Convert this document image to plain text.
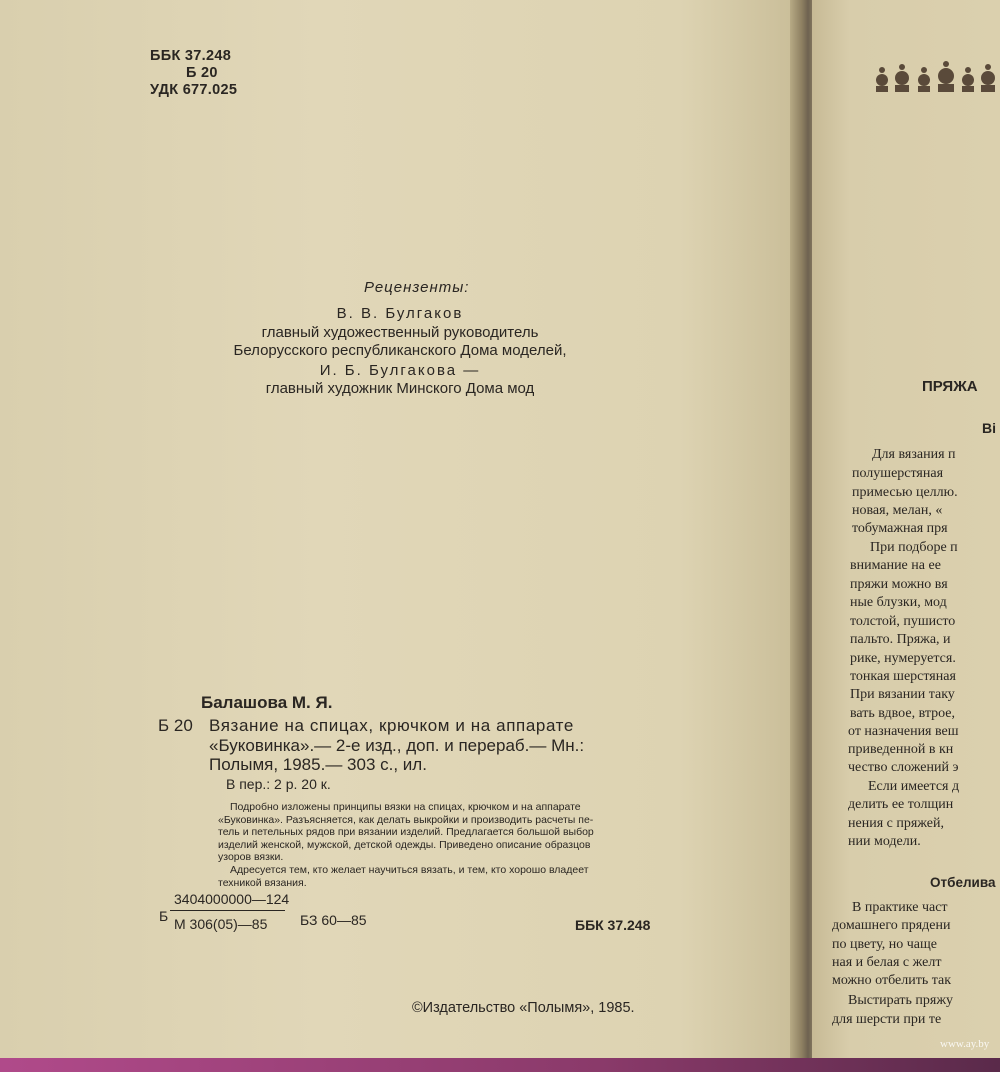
ББК 37.248
Б 20
УДК 677.025
Рецензенты:
В. В. Булгаков
главный художественный руководитель
Белорусского республиканского Дома моделей,
И. Б. Булгакова —
главный художник Минского Дома мод
Балашова М. Я.
Б 20 Вязание на спицах, крючком и на аппарате
«Буковинка».— 2-е изд., доп. и перераб.— Мн.:
Полымя, 1985.— 303 с., ил.
В пер.: 2 р. 20 к.
Подробно изложены принципы вязки на спицах, крючком и на аппарате
«Буковинка». Разъясняется, как делать выкройки и производить расчеты пе-
тель и петельных рядов при вязании изделий. Предлагается большой выбор
изделий женской, мужской, детской одежды. Приведено описание образцов
узоров вязки.
Адресуется тем, кто желает научиться вязать, и тем, кто хорошо владеет
техникой вязания.
3404000000—124
Б М 306(05)—85 БЗ 60—85	ББК 37.248
©Издательство «Полымя», 1985.
ПРЯЖА
Ві
Для вязания п
полушерстяная
примесью целлю.
новая, мелан, «
тобумажная пря
При подборе п
внимание на ее
пряжи можно вя
ные блузки, мод
толстой, пушисто
пальто. Пряжа, и
рике, нумеруется.
тонкая шерстяная
При вязании таку
вать вдвое, втрое,
от назначения веш
приведенной в кн
чество сложений э
Если имеется д
делить ее толщин
нения с пряжей,
нии модели.
Отбелива
В практике част
домашнего прядени
по цвету, но чаще
ная и белая с желт
можно отбелить так
Выстирать пряжу
для шерсти при те
www.ay.by
